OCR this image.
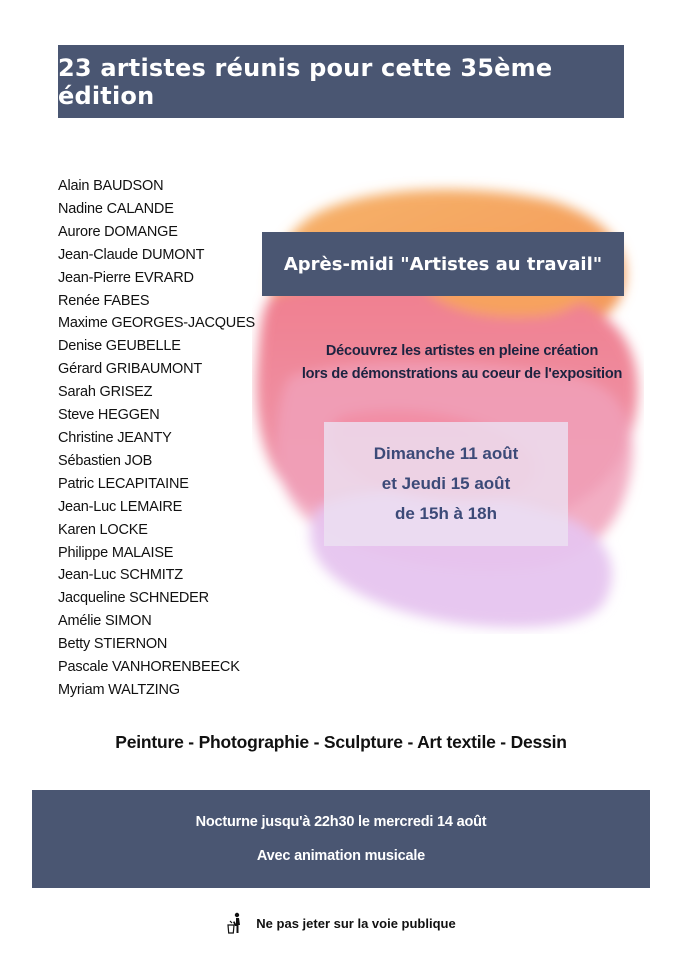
23 artistes réunis pour cette 35ème édition
Alain BAUDSON
Nadine CALANDE
Aurore DOMANGE
Jean-Claude DUMONT
Jean-Pierre EVRARD
Renée FABES
Maxime GEORGES-JACQUES
Denise GEUBELLE
Gérard GRIBAUMONT
Sarah GRISEZ
Steve HEGGEN
Christine JEANTY
Sébastien JOB
Patric LECAPITAINE
Jean-Luc LEMAIRE
Karen LOCKE
Philippe MALAISE
Jean-Luc SCHMITZ
Jacqueline SCHNEDER
Amélie SIMON
Betty STIERNON
Pascale VANHORENBEECK
Myriam WALTZING
Après-midi "Artistes au travail"
Découvrez les artistes en pleine création
lors de démonstrations au coeur de l'exposition
Dimanche 11 août
et Jeudi 15 août
de 15h à 18h
Peinture - Photographie - Sculpture - Art textile - Dessin
Nocturne jusqu'à 22h30 le mercredi 14 août
Avec animation musicale
Ne pas jeter sur la voie publique
